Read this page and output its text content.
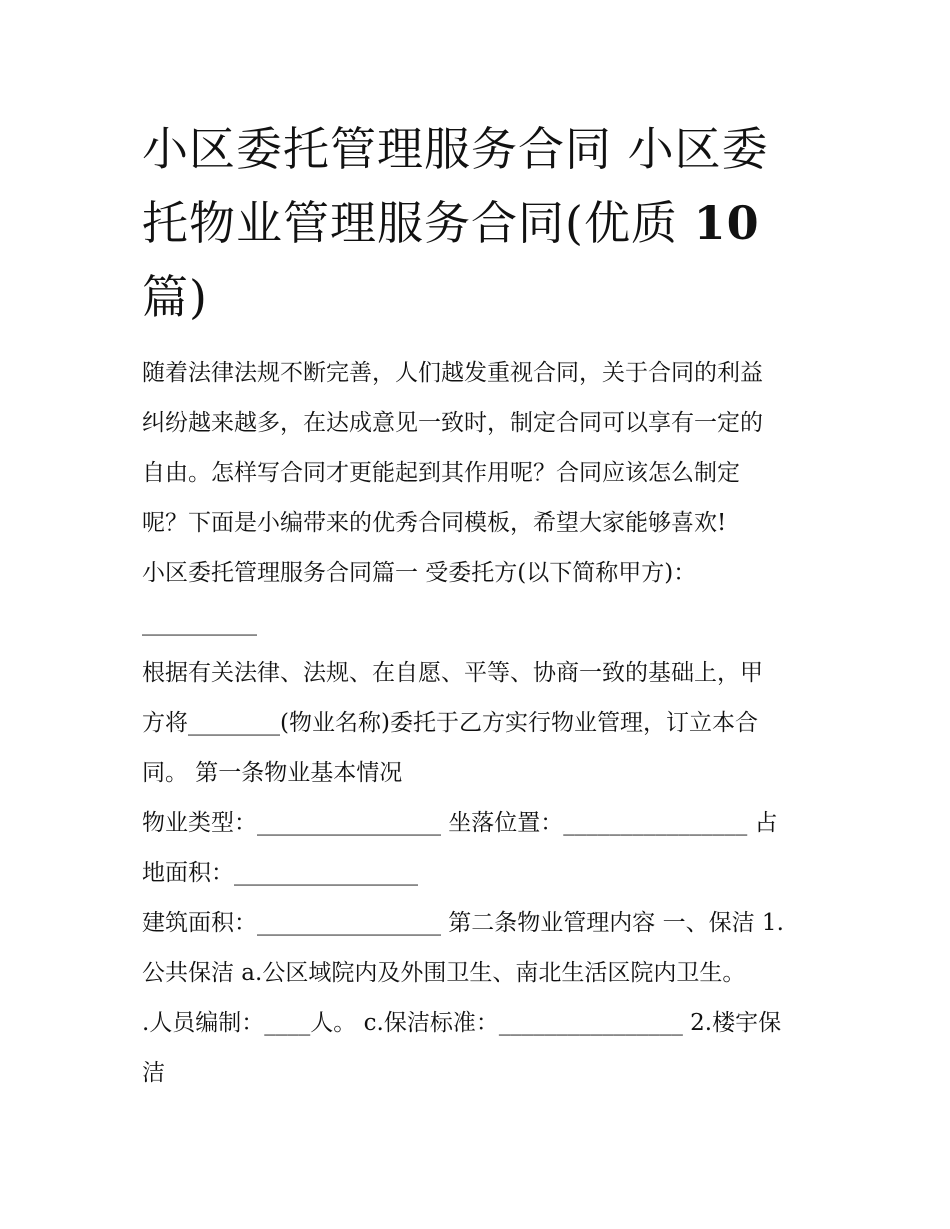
小区委托管理服务合同 小区委
托物业管理服务合同(优质 10
篇)
随着法律法规不断完善，人们越发重视合同，关于合同的利益
纠纷越来越多，在达成意见一致时，制定合同可以享有一定的
自由。怎样写合同才更能起到其作用呢？合同应该怎么制定
呢？下面是小编带来的优秀合同模板，希望大家能够喜欢!
小区委托管理服务合同篇一 受委托方(以下简称甲方)：
__________
根据有关法律、法规、在自愿、平等、协商一致的基础上，甲
方将________(物业名称)委托于乙方实行物业管理，订立本合
同。 第一条物业基本情况
物业类型：________________ 坐落位置：________________ 占
地面积：________________
建筑面积：________________ 第二条物业管理内容 一、保洁 1.
公共保洁 a.公区域院内及外围卫生、南北生活区院内卫生。
.人员编制：____人。 c.保洁标准：________________ 2.楼宇保
洁
